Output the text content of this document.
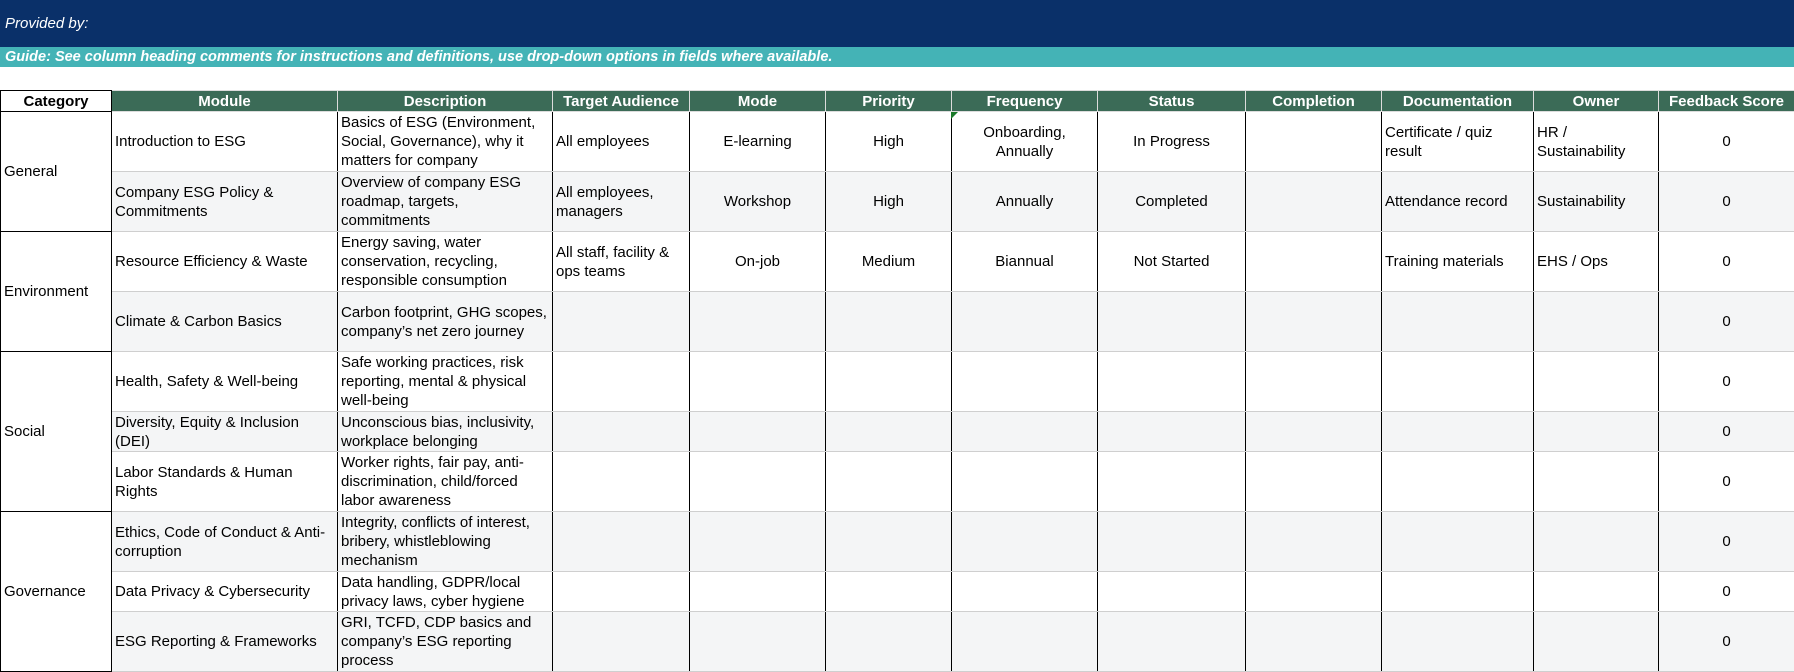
Provided by:
Guide: See column heading comments for instructions and definitions, use drop-down options in fields where available.
Category	Module	Description	Target Audience	Mode	Priority	Frequency	Status	Completion	Documentation	Owner	Feedback Score
General	Introduction to ESG	Basics of ESG (Environment, Social, Governance), why it matters for company	All employees	E-learning	High	Onboarding, Annually	In Progress		Certificate / quiz result	HR / Sustainability	0
	Company ESG Policy & Commitments	Overview of company ESG roadmap, targets, commitments	All employees, managers	Workshop	High	Annually	Completed		Attendance record	Sustainability	0
Environment	Resource Efficiency & Waste	Energy saving, water conservation, recycling, responsible consumption	All staff, facility & ops teams	On-job	Medium	Biannual	Not Started		Training materials	EHS / Ops	0
	Climate & Carbon Basics	Carbon footprint, GHG scopes, company’s net zero journey									0
Social	Health, Safety & Well-being	Safe working practices, risk reporting, mental & physical well-being									0
	Diversity, Equity & Inclusion (DEI)	Unconscious bias, inclusivity, workplace belonging									0
	Labor Standards & Human Rights	Worker rights, fair pay, anti-discrimination, child/forced labor awareness									0
Governance	Ethics, Code of Conduct & Anti-corruption	Integrity, conflicts of interest, bribery, whistleblowing mechanism									0
	Data Privacy & Cybersecurity	Data handling, GDPR/local privacy laws, cyber hygiene									0
	ESG Reporting & Frameworks	GRI, TCFD, CDP basics and company’s ESG reporting process									0
